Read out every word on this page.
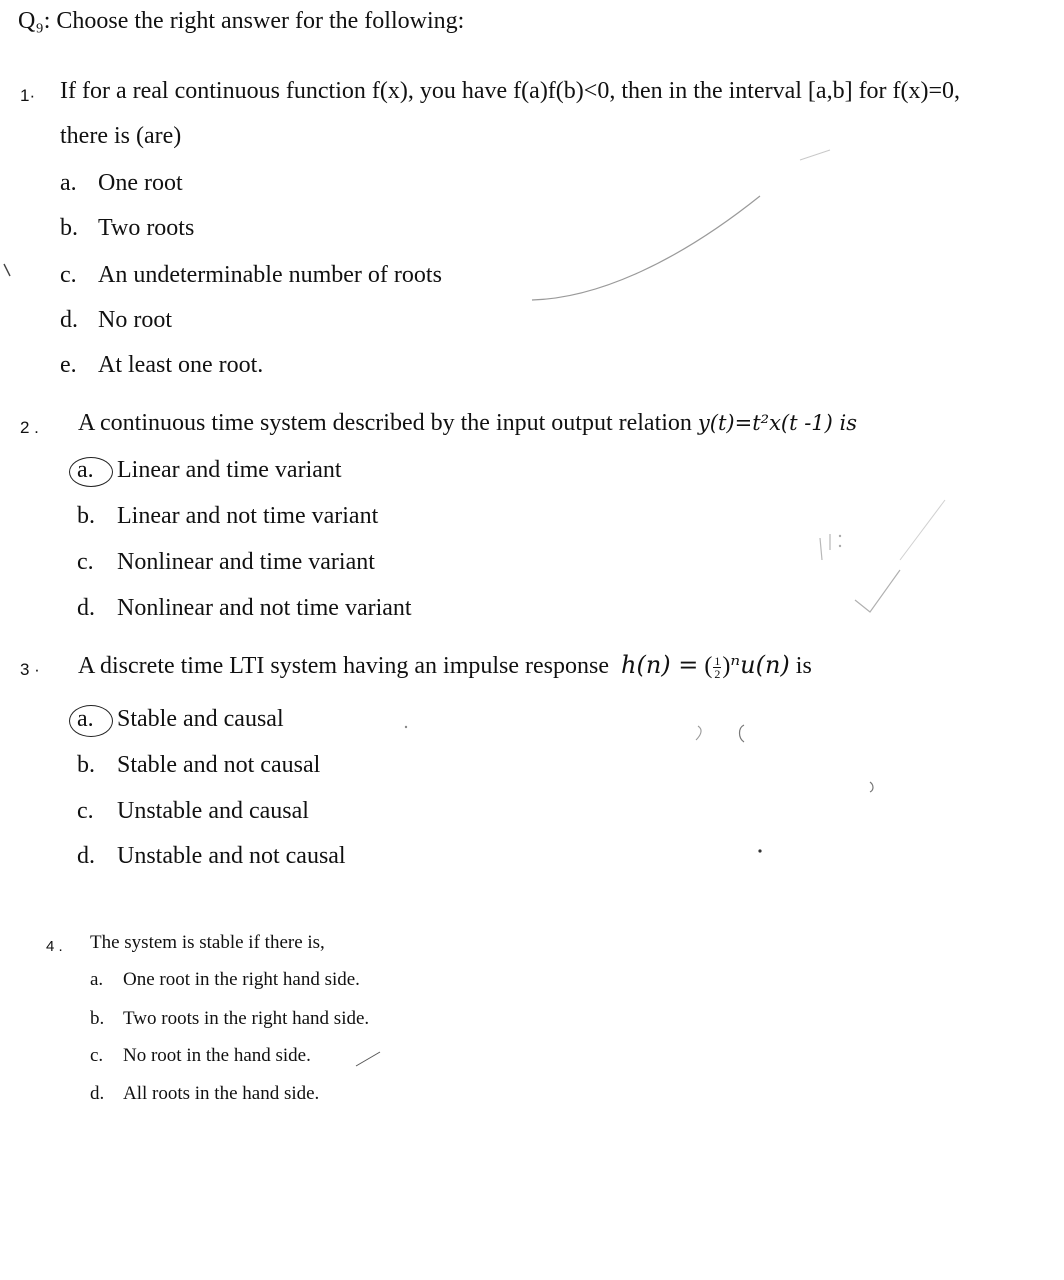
Q₉: Choose the right answer for the following:
1· If for a real continuous function f(x), you have f(a)f(b)<0, then in the interval [a,b] for f(x)=0,
there is (are)
a. One root
b. Two roots
c. An undeterminable number of roots
d. No root
e. At least one root.
2 . A continuous time system described by the input output relation y(t)=t²x(t -1) is
a. Linear and time variant
b. Linear and not time variant
c. Nonlinear and time variant
d. Nonlinear and not time variant
3 · A discrete time LTI system having an impulse response h(n) = ( $\frac{1}{2} )^nu(n)$ is
a. Stable and causal
b. Stable and not causal
c. Unstable and causal
d. Unstable and not causal
4 . The system is stable if there is,
a. One root in the right hand side.
b. Two roots in the right hand side.
c. No root in the hand side.
d. All roots in the hand side.
